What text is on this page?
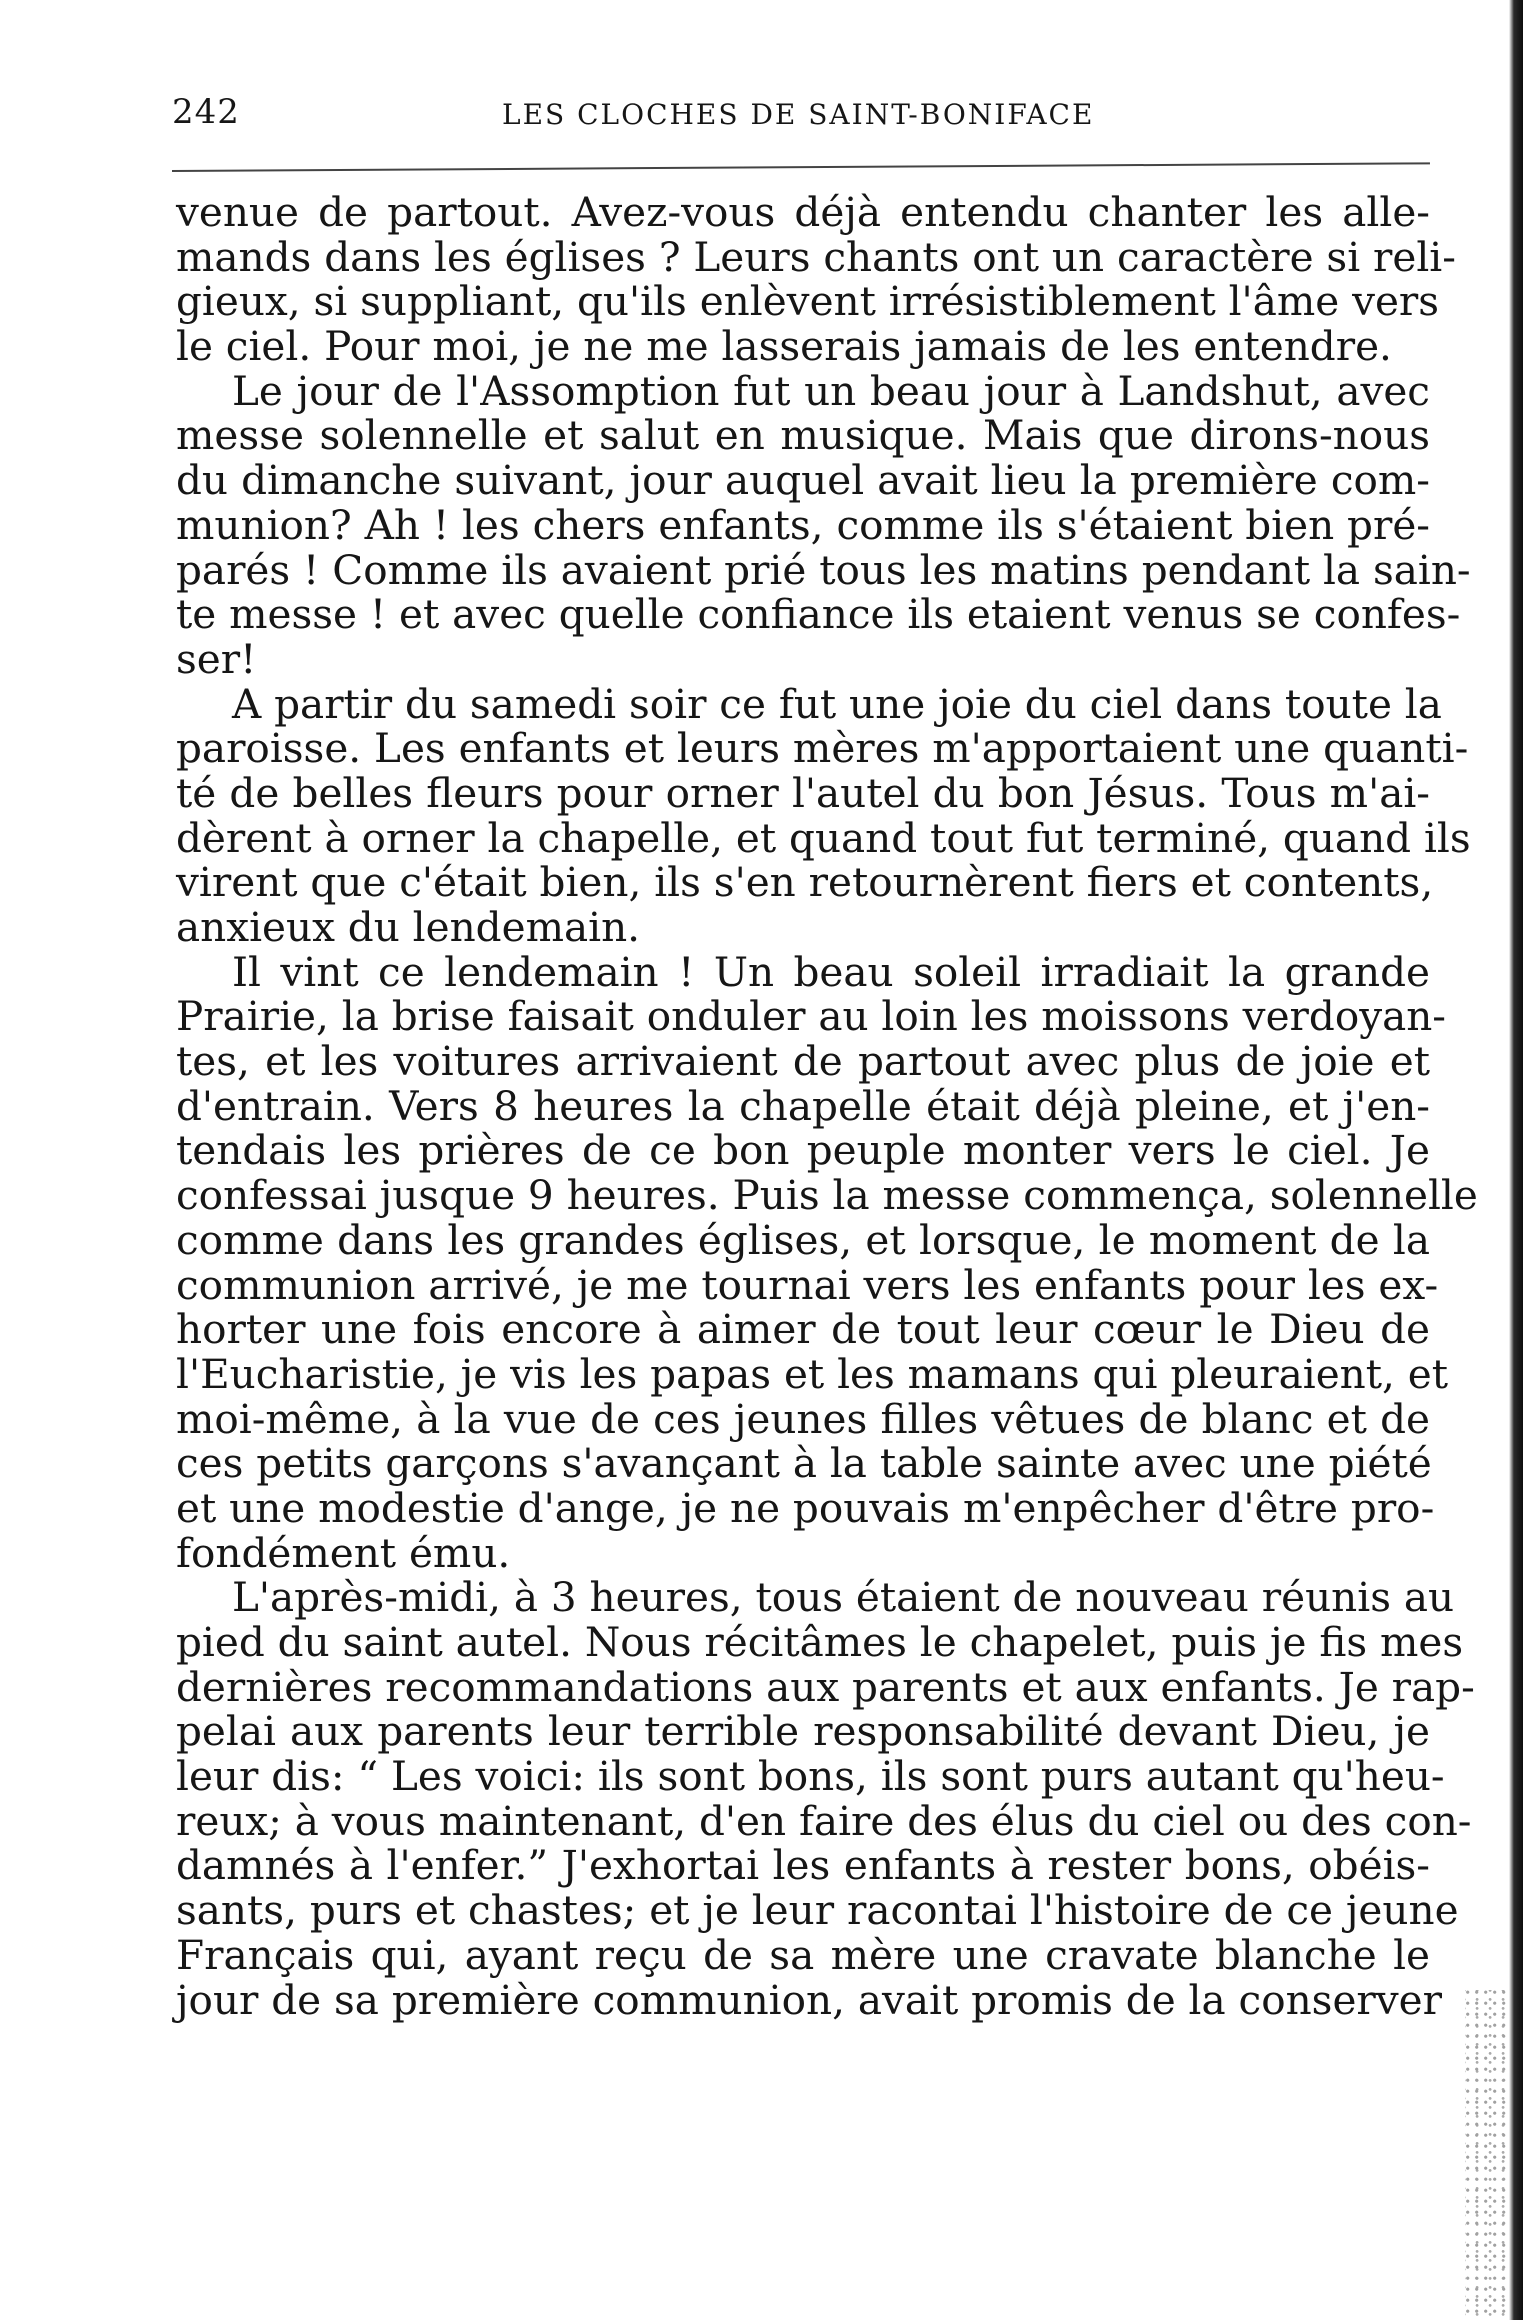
242	LES CLOCHES DE SAINT-BONIFACE
venue de partout. Avez-vous déjà entendu chanter les alle-
mands dans les églises ? Leurs chants ont un caractère si reli-
gieux, si suppliant, qu'ils enlèvent irrésistiblement l'âme vers
le ciel. Pour moi, je ne me lasserais jamais de les entendre.
Le jour de l'Assomption fut un beau jour à Landshut, avec
messe solennelle et salut en musique. Mais que dirons-nous
du dimanche suivant, jour auquel avait lieu la première com-
munion? Ah ! les chers enfants, comme ils s'étaient bien pré-
parés ! Comme ils avaient prié tous les matins pendant la sain-
te messe ! et avec quelle confiance ils etaient venus se confes-
ser!
A partir du samedi soir ce fut une joie du ciel dans toute la
paroisse. Les enfants et leurs mères m'apportaient une quanti-
té de belles fleurs pour orner l'autel du bon Jésus. Tous m'ai-
dèrent à orner la chapelle, et quand tout fut terminé, quand ils
virent que c'était bien, ils s'en retournèrent fiers et contents,
anxieux du lendemain.
Il vint ce lendemain ! Un beau soleil irradiait la grande
Prairie, la brise faisait onduler au loin les moissons verdoyan-
tes, et les voitures arrivaient de partout avec plus de joie et
d'entrain. Vers 8 heures la chapelle était déjà pleine, et j'en-
tendais les prières de ce bon peuple monter vers le ciel. Je
confessai jusque 9 heures. Puis la messe commença, solennelle
comme dans les grandes églises, et lorsque, le moment de la
communion arrivé, je me tournai vers les enfants pour les ex-
horter une fois encore à aimer de tout leur cœur le Dieu de
l'Eucharistie, je vis les papas et les mamans qui pleuraient, et
moi-même, à la vue de ces jeunes filles vêtues de blanc et de
ces petits garçons s'avançant à la table sainte avec une piété
et une modestie d'ange, je ne pouvais m'enpêcher d'être pro-
fondément ému.
L'après-midi, à 3 heures, tous étaient de nouveau réunis au
pied du saint autel. Nous récitâmes le chapelet, puis je fis mes
dernières recommandations aux parents et aux enfants. Je rap-
pelai aux parents leur terrible responsabilité devant Dieu, je
leur dis: “ Les voici: ils sont bons, ils sont purs autant qu'heu-
reux; à vous maintenant, d'en faire des élus du ciel ou des con-
damnés à l'enfer.” J'exhortai les enfants à rester bons, obéis-
sants, purs et chastes; et je leur racontai l'histoire de ce jeune
Français qui, ayant reçu de sa mère une cravate blanche le
jour de sa première communion, avait promis de la conserver
